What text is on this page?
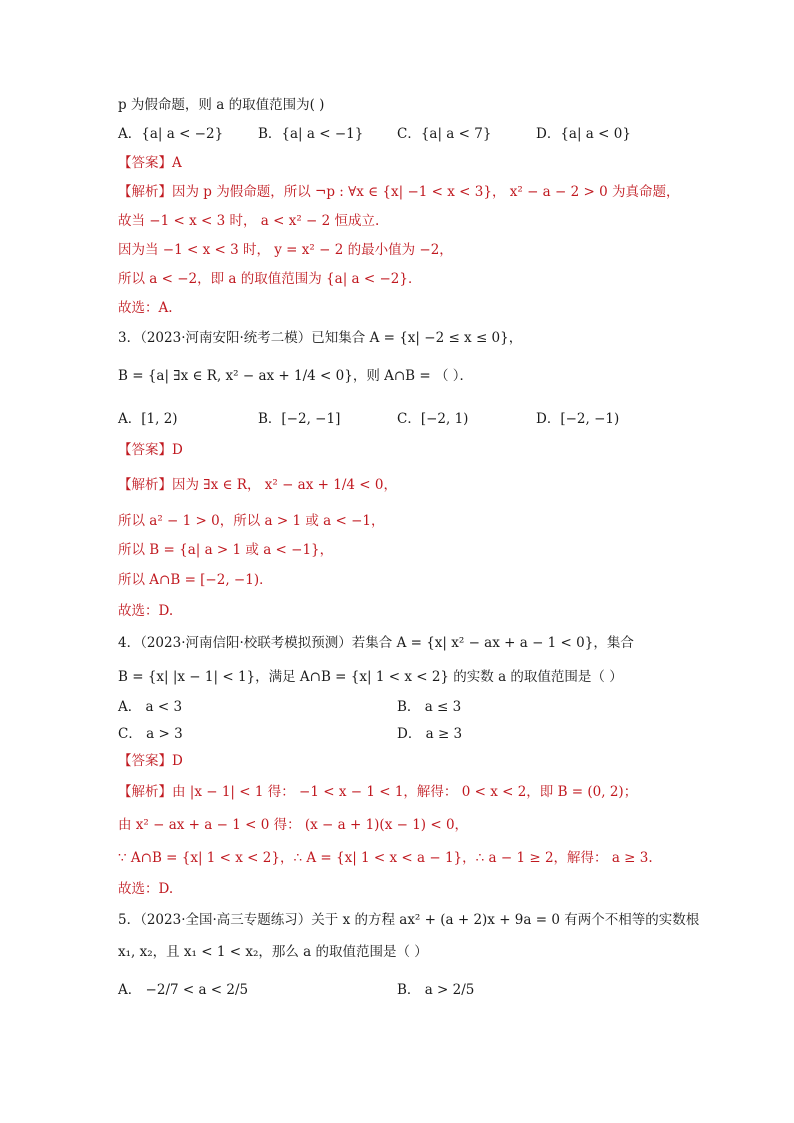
p 为假命题，则 a 的取值范围为( )
A．{a| a < −2}	B．{a| a < −1} C．{a| a < 7}	D．{a| a < 0}
【答案】A
【解析】因为 p 为假命题，所以 ¬p : ∀x ∈ {x| −1 < x < 3}， x² − a − 2 > 0 为真命题，
故当 −1 < x < 3 时， a < x² − 2 恒成立.
因为当 −1 < x < 3 时， y = x² − 2 的最小值为 −2，
所以 a < −2，即 a 的取值范围为 {a| a < −2}．
故选：A.
3．（2023·河南安阳·统考二模）已知集合 A = {x| −2 ≤ x ≤ 0}，
B = {a| ∃x ∈ R, x² − ax + 1/4 < 0}，则 A∩B = （ ）．
A．[1, 2)	B．[−2, −1]	C．[−2, 1)	D．[−2, −1)
【答案】D
【解析】因为 ∃x ∈ R， x² − ax + 1/4 < 0，
所以 a² − 1 > 0，所以 a > 1 或 a < −1，
所以 B = {a| a > 1 或 a < −1}，
所以 A∩B = [−2, −1)．
故选：D.
4．（2023·河南信阳·校联考模拟预测）若集合 A = {x| x² − ax + a − 1 < 0}，集合
B = {x| |x − 1| < 1}，满足 A∩B = {x| 1 < x < 2} 的实数 a 的取值范围是（ ）
A． a < 3	B． a ≤ 3
C． a > 3	D． a ≥ 3
【答案】D
【解析】由 |x − 1| < 1 得： −1 < x − 1 < 1，解得： 0 < x < 2，即 B = (0, 2)；
由 x² − ax + a − 1 < 0 得： (x − a + 1)(x − 1) < 0，
∵ A∩B = {x| 1 < x < 2}，∴ A = {x| 1 < x < a − 1}，∴ a − 1 ≥ 2，解得： a ≥ 3.
故选：D.
5．（2023·全国·高三专题练习）关于 x 的方程 ax² + (a + 2)x + 9a = 0 有两个不相等的实数根
x₁, x₂，且 x₁ < 1 < x₂，那么 a 的取值范围是（ ）
A． −2/7 < a < 2/5	B． a > 2/5
